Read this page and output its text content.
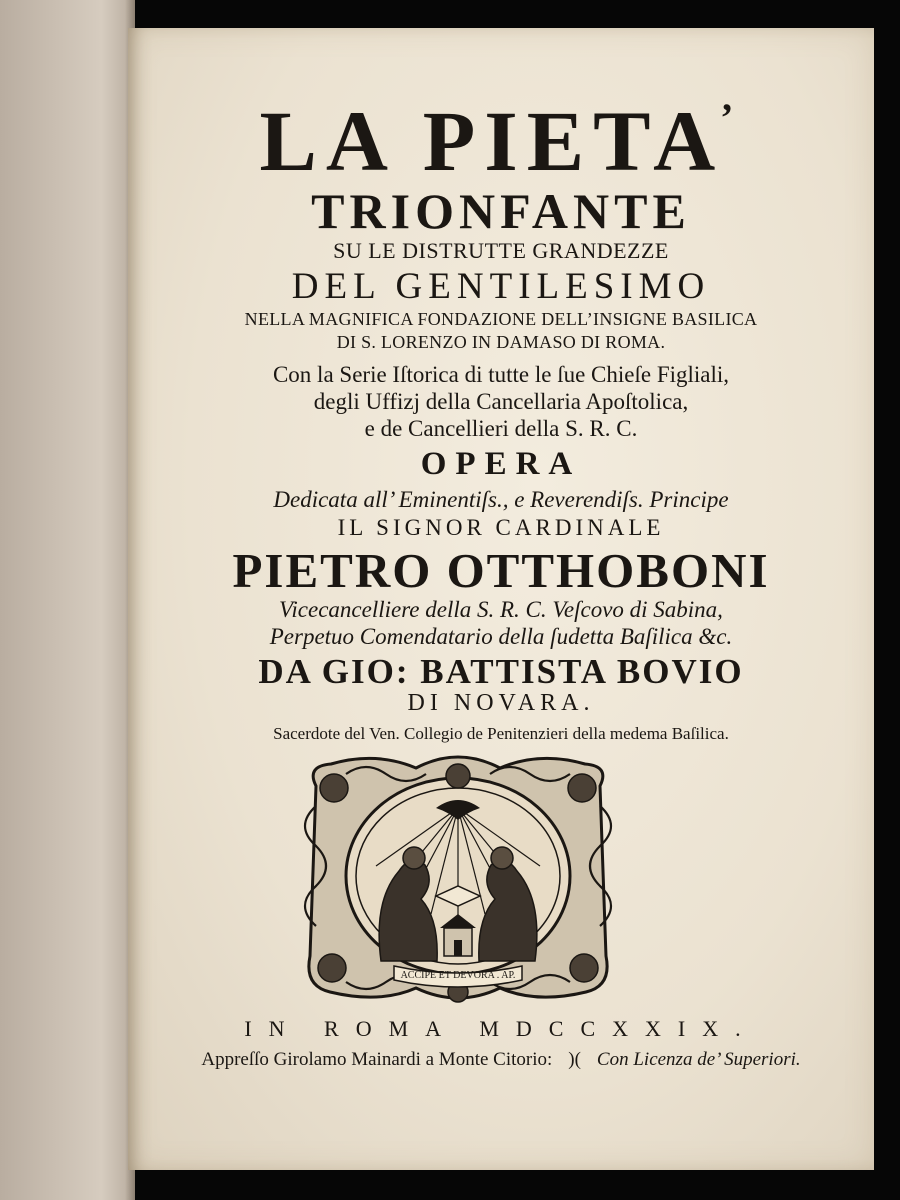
LA PIETA’
TRIONFANTE
SU LE DISTRUTTE GRANDEZZE
DEL GENTILESIMO
NELLA MAGNIFICA FONDAZIONE DELL’INSIGNE BASILICA
DI S. LORENZO IN DAMASO DI ROMA.
Con la Serie Iſtorica di tutte le ſue Chieſe Figliali,
degli Uffizj della Cancellaria Apoſtolica,
e de Cancellieri della S. R. C.
OPERA
Dedicata all’ Eminentiſs., e Reverendiſs. Principe
IL SIGNOR CARDINALE
PIETRO OTTHOBONI
Vicecancelliere della S. R. C. Veſcovo di Sabina,
Perpetuo Comendatario della ſudetta Baſilica &c.
DA GIO: BATTISTA BOVIO
DI NOVARA.
Sacerdote del Ven. Collegio de Penitenzieri della medema Baſilica.
ACCIPE ET DEVORA . AP.
IN ROMA MDCCXXIX.
Appreſſo Girolamo Mainardi a Monte Citorio: )( Con Licenza de’ Superiori.
